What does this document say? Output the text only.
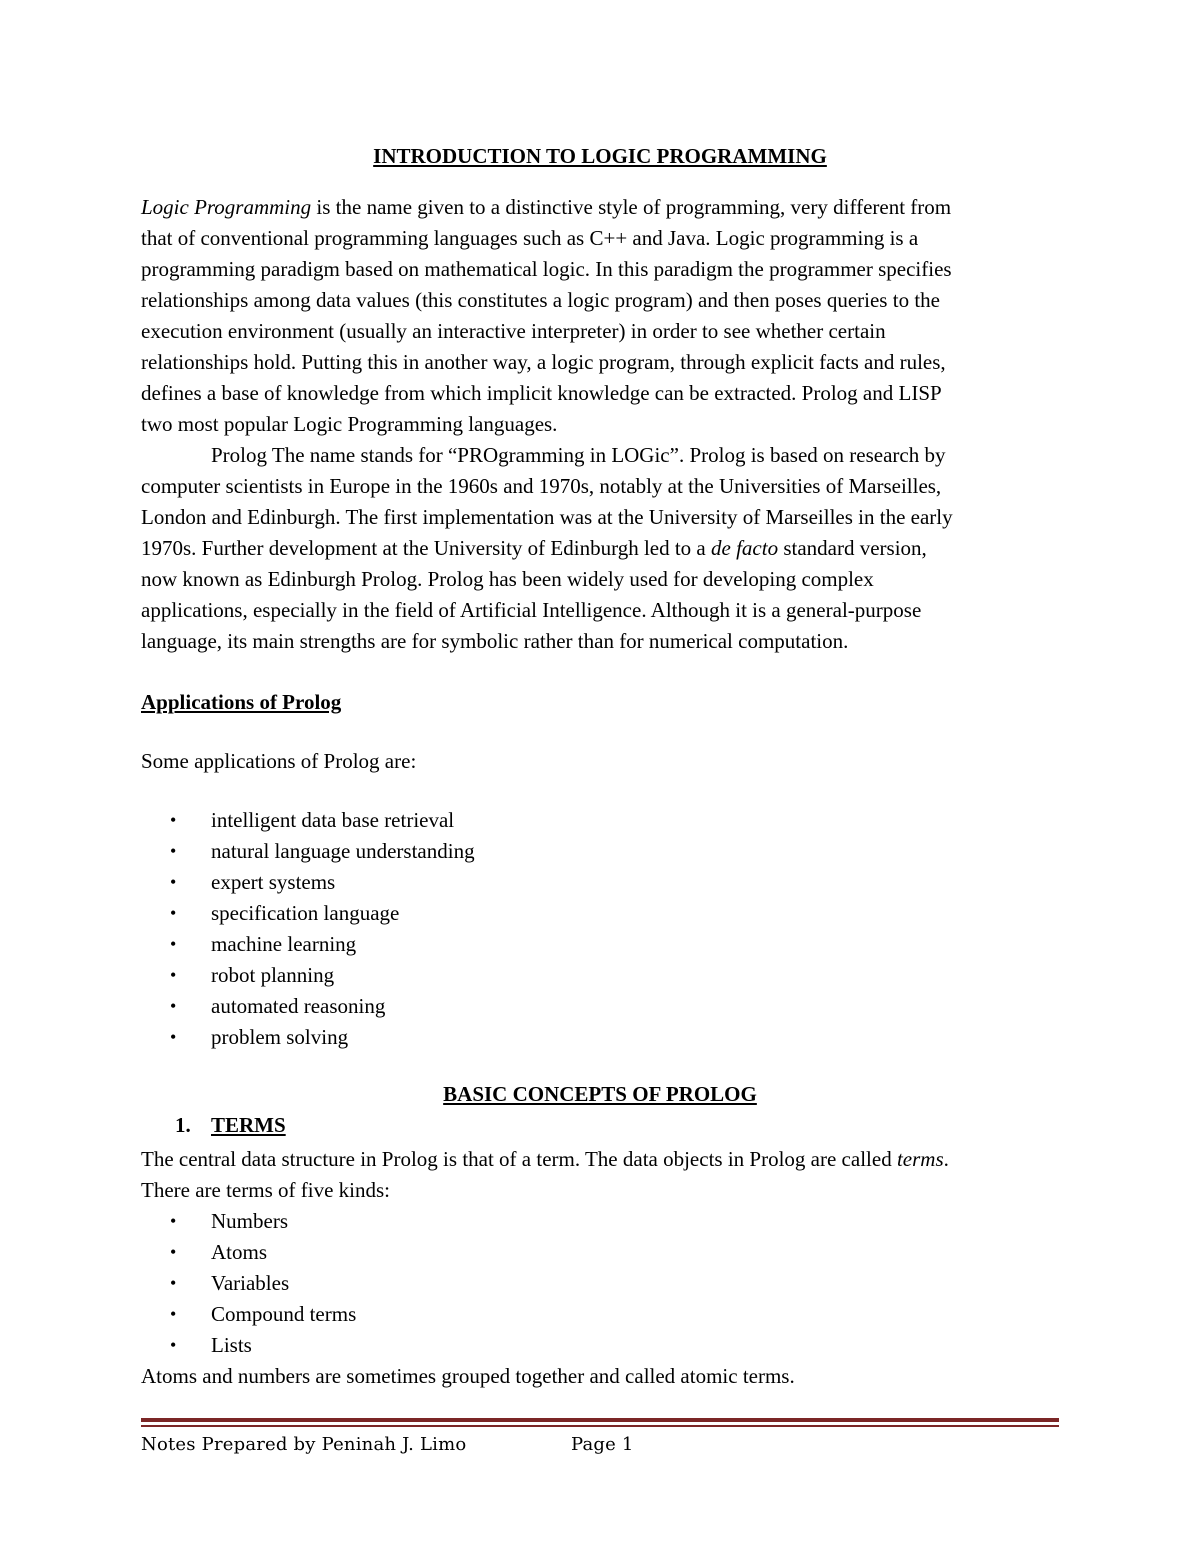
INTRODUCTION TO LOGIC PROGRAMMING
Logic Programming is the name given to a distinctive style of programming, very different from
that of conventional programming languages such as C++ and Java. Logic programming is a
programming paradigm based on mathematical logic. In this paradigm the programmer specifies
relationships among data values (this constitutes a logic program) and then poses queries to the
execution environment (usually an interactive interpreter) in order to see whether certain
relationships hold. Putting this in another way, a logic program, through explicit facts and rules,
defines a base of knowledge from which implicit knowledge can be extracted. Prolog and LISP
two most popular Logic Programming languages.
Prolog The name stands for “PROgramming in LOGic”. Prolog is based on research by
computer scientists in Europe in the 1960s and 1970s, notably at the Universities of Marseilles,
London and Edinburgh. The first implementation was at the University of Marseilles in the early
1970s. Further development at the University of Edinburgh led to a de facto standard version,
now known as Edinburgh Prolog. Prolog has been widely used for developing complex
applications, especially in the field of Artificial Intelligence. Although it is a general-purpose
language, its main strengths are for symbolic rather than for numerical computation.
Applications of Prolog
Some applications of Prolog are:
• intelligent data base retrieval
• natural language understanding
• expert systems
• specification language
• machine learning
• robot planning
• automated reasoning
• problem solving
BASIC CONCEPTS OF PROLOG
1. TERMS
The central data structure in Prolog is that of a term. The data objects in Prolog are called terms.
There are terms of five kinds:
• Numbers
• Atoms
• Variables
• Compound terms
• Lists
Atoms and numbers are sometimes grouped together and called atomic terms.
Notes Prepared by Peninah J. Limo	Page 1
